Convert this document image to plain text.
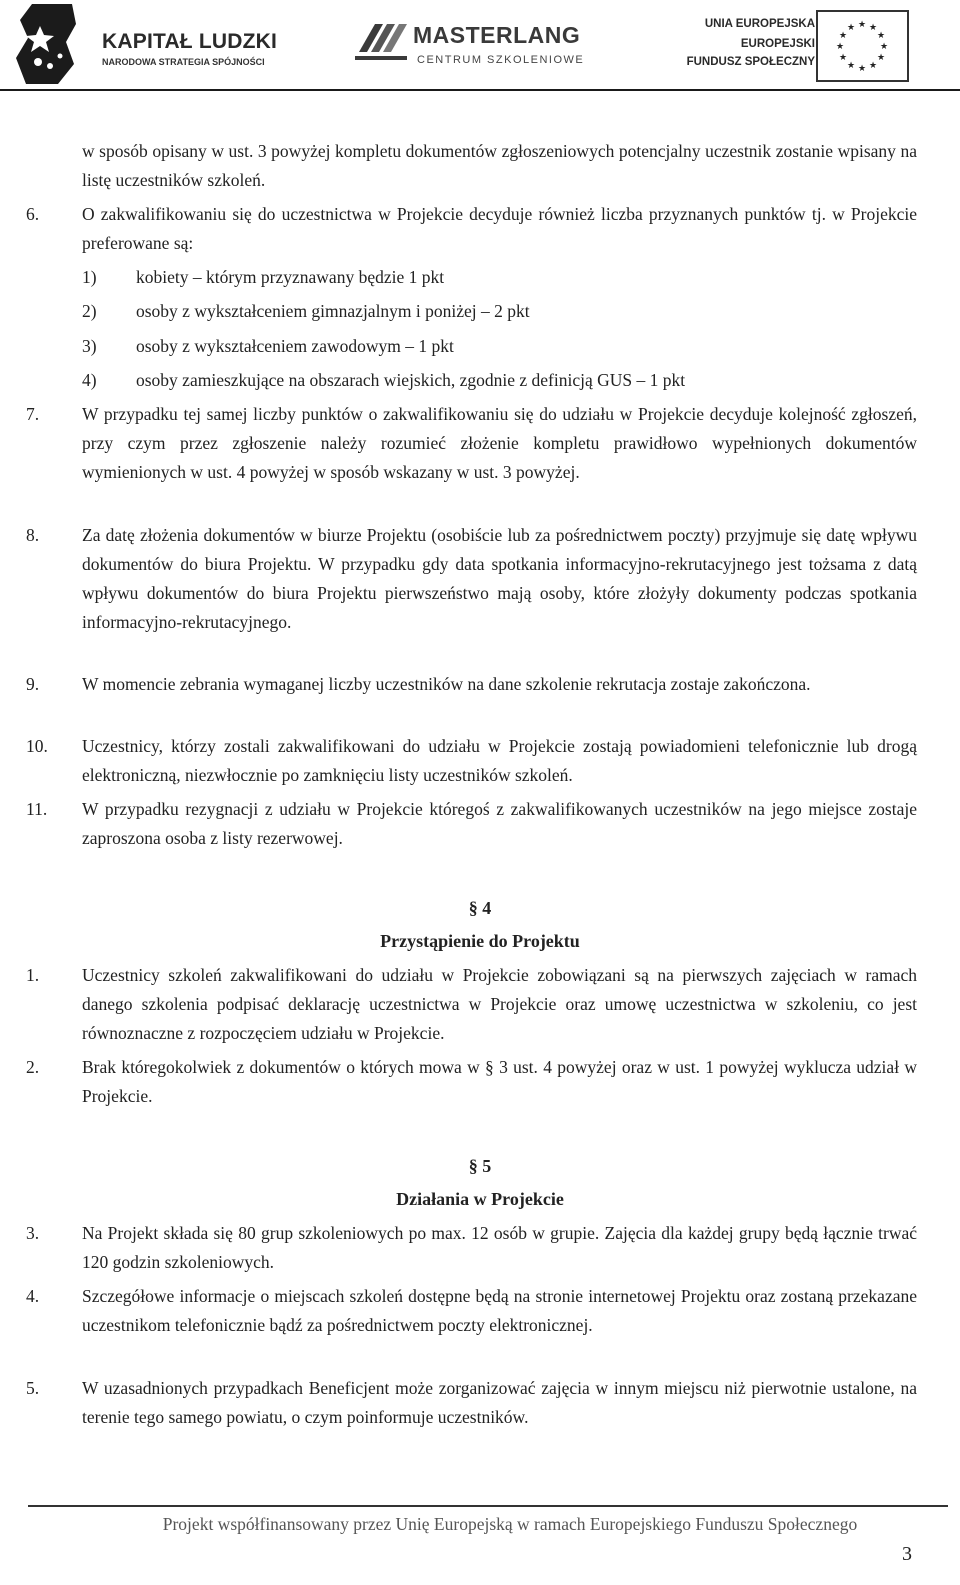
KAPITAŁ LUDZKI
NARODOWA STRATEGIA SPÓJNOŚCI
MASTERLANG
CENTRUM SZKOLENIOWE
UNIA EUROPEJSKA
EUROPEJSKI
FUNDUSZ SPOŁECZNY
★ ★
★
★
★
★
★
★
★
★
★
★
w sposób opisany w ust. 3 powyżej kompletu dokumentów zgłoszeniowych potencjalny uczestnik zostanie wpisany na listę uczestników szkoleń.
6. O zakwalifikowaniu się do uczestnictwa w Projekcie decyduje również liczba przyznanych punktów tj. w Projekcie preferowane są:
1) kobiety – którym przyznawany będzie 1 pkt
2) osoby z wykształceniem gimnazjalnym i poniżej – 2 pkt
3) osoby z wykształceniem zawodowym – 1 pkt
4) osoby zamieszkujące na obszarach wiejskich, zgodnie z definicją GUS – 1 pkt
7. W przypadku tej samej liczby punktów o zakwalifikowaniu się do udziału w Projekcie decyduje kolejność zgłoszeń, przy czym przez zgłoszenie należy rozumieć złożenie kompletu prawidłowo wypełnionych dokumentów wymienionych w ust. 4 powyżej w sposób wskazany w ust. 3 powyżej.
8. Za datę złożenia dokumentów w biurze Projektu (osobiście lub za pośrednictwem poczty) przyjmuje się datę wpływu dokumentów do biura Projektu. W przypadku gdy data spotkania informacyjno-rekrutacyjnego jest tożsama z datą wpływu dokumentów do biura Projektu pierwszeństwo mają osoby, które złożyły dokumenty podczas spotkania informacyjno-rekrutacyjnego.
9. W momencie zebrania wymaganej liczby uczestników na dane szkolenie rekrutacja zostaje zakończona.
10. Uczestnicy, którzy zostali zakwalifikowani do udziału w Projekcie zostają powiadomieni telefonicznie lub drogą elektroniczną, niezwłocznie po zamknięciu listy uczestników szkoleń.
11. W przypadku rezygnacji z udziału w Projekcie któregoś z zakwalifikowanych uczestników na jego miejsce zostaje zaproszona osoba z listy rezerwowej.
§ 4
Przystąpienie do Projektu
1. Uczestnicy szkoleń zakwalifikowani do udziału w Projekcie zobowiązani są na pierwszych zajęciach w ramach danego szkolenia podpisać deklarację uczestnictwa w Projekcie oraz umowę uczestnictwa w szkoleniu, co jest równoznaczne z rozpoczęciem udziału w Projekcie.
2. Brak któregokolwiek z dokumentów o których mowa w § 3 ust. 4 powyżej oraz w ust. 1 powyżej wyklucza udział w Projekcie.
§ 5
Działania w Projekcie
3. Na Projekt składa się 80 grup szkoleniowych po max. 12 osób w grupie. Zajęcia dla każdej grupy będą łącznie trwać 120 godzin szkoleniowych.
4. Szczegółowe informacje o miejscach szkoleń dostępne będą na stronie internetowej Projektu oraz zostaną przekazane uczestnikom telefonicznie bądź za pośrednictwem poczty elektronicznej.
5. W uzasadnionych przypadkach Beneficjent może zorganizować zajęcia w innym miejscu niż pierwotnie ustalone, na terenie tego samego powiatu, o czym poinformuje uczestników.
Projekt współfinansowany przez Unię Europejską w ramach Europejskiego Funduszu Społecznego
3
